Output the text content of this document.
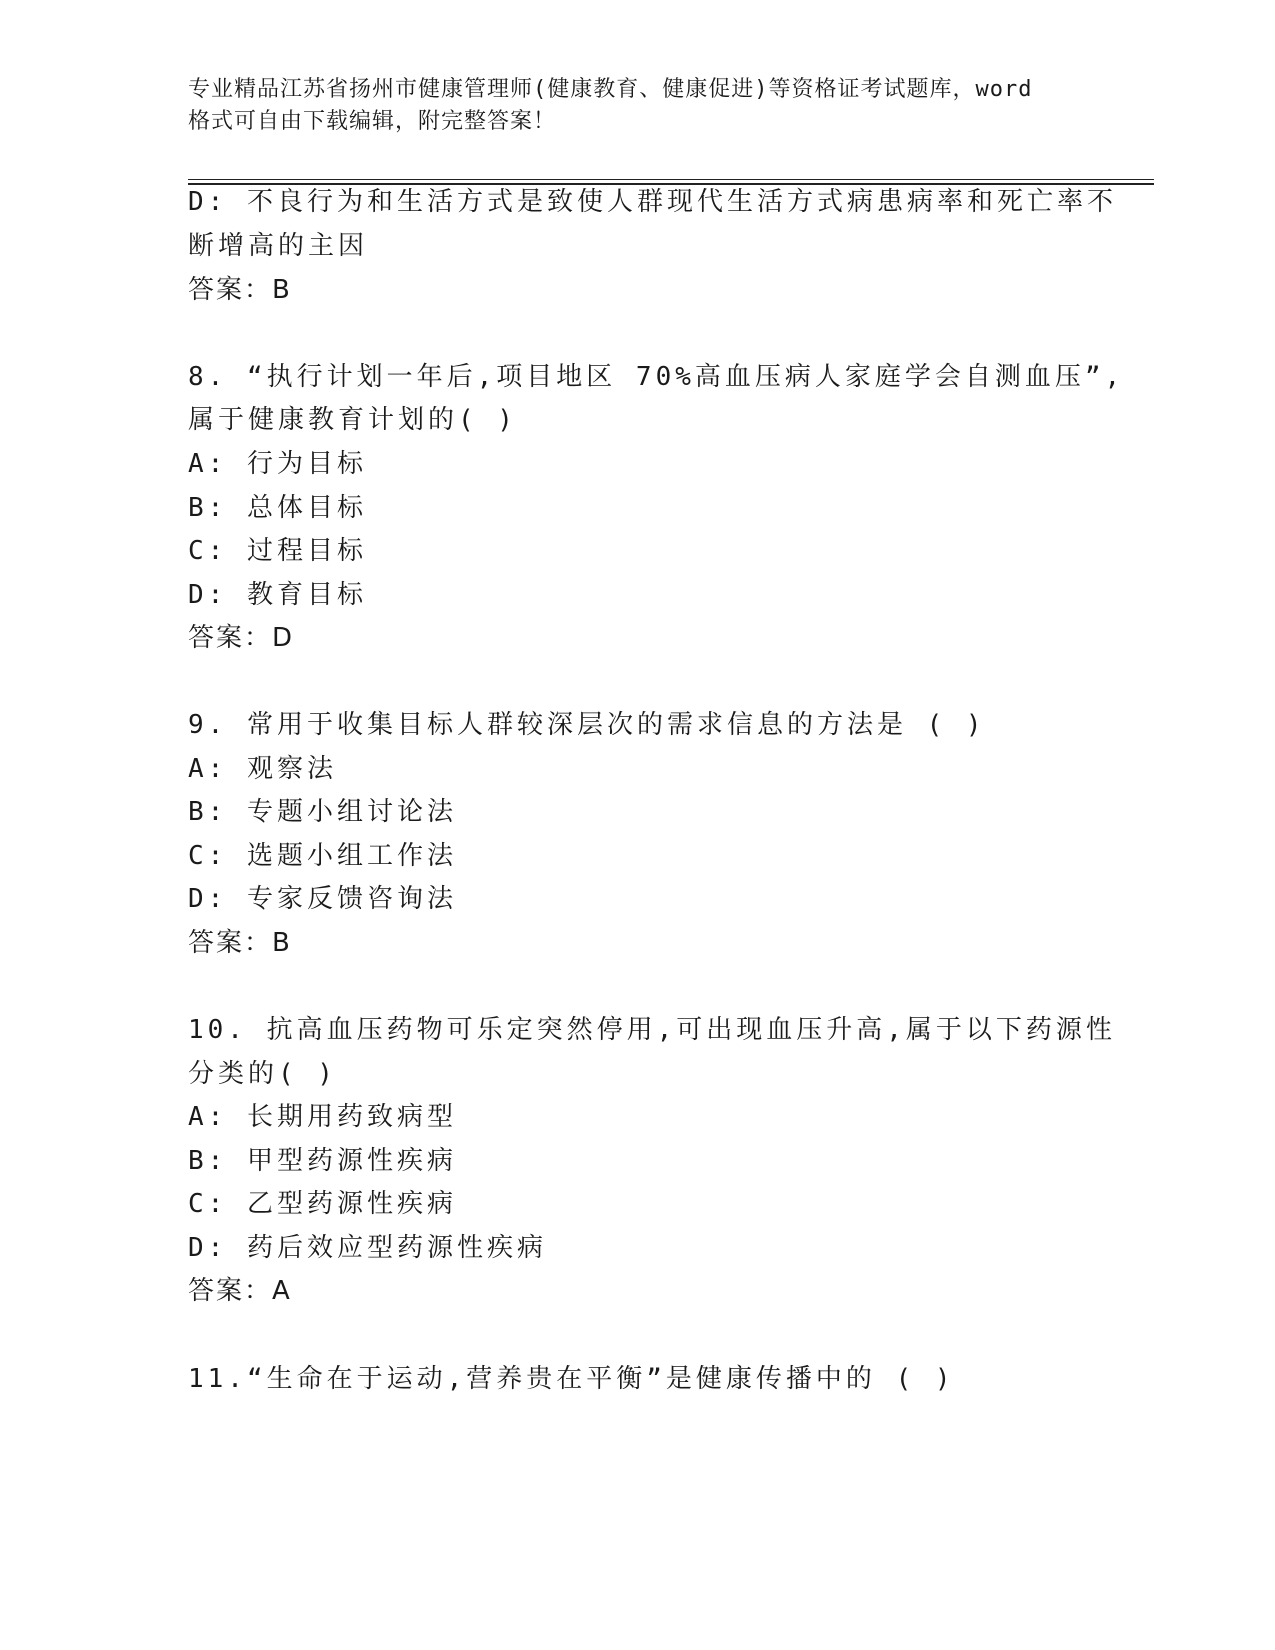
专业精品江苏省扬州市健康管理师(健康教育、健康促进)等资格证考试题库，word
格式可自由下载编辑，附完整答案！
D: 不良行为和生活方式是致使人群现代生活方式病患病率和死亡率不
断增高的主因
答案：B
8. “执行计划一年后,项目地区 70%高血压病人家庭学会自测血压”,
属于健康教育计划的( )
A: 行为目标
B: 总体目标
C: 过程目标
D: 教育目标
答案：D
9. 常用于收集目标人群较深层次的需求信息的方法是 ( )
A: 观察法
B: 专题小组讨论法
C: 选题小组工作法
D: 专家反馈咨询法
答案：B
10. 抗高血压药物可乐定突然停用,可出现血压升高,属于以下药源性
分类的( )
A: 长期用药致病型
B: 甲型药源性疾病
C: 乙型药源性疾病
D: 药后效应型药源性疾病
答案：A
11.“生命在于运动,营养贵在平衡”是健康传播中的 ( )
